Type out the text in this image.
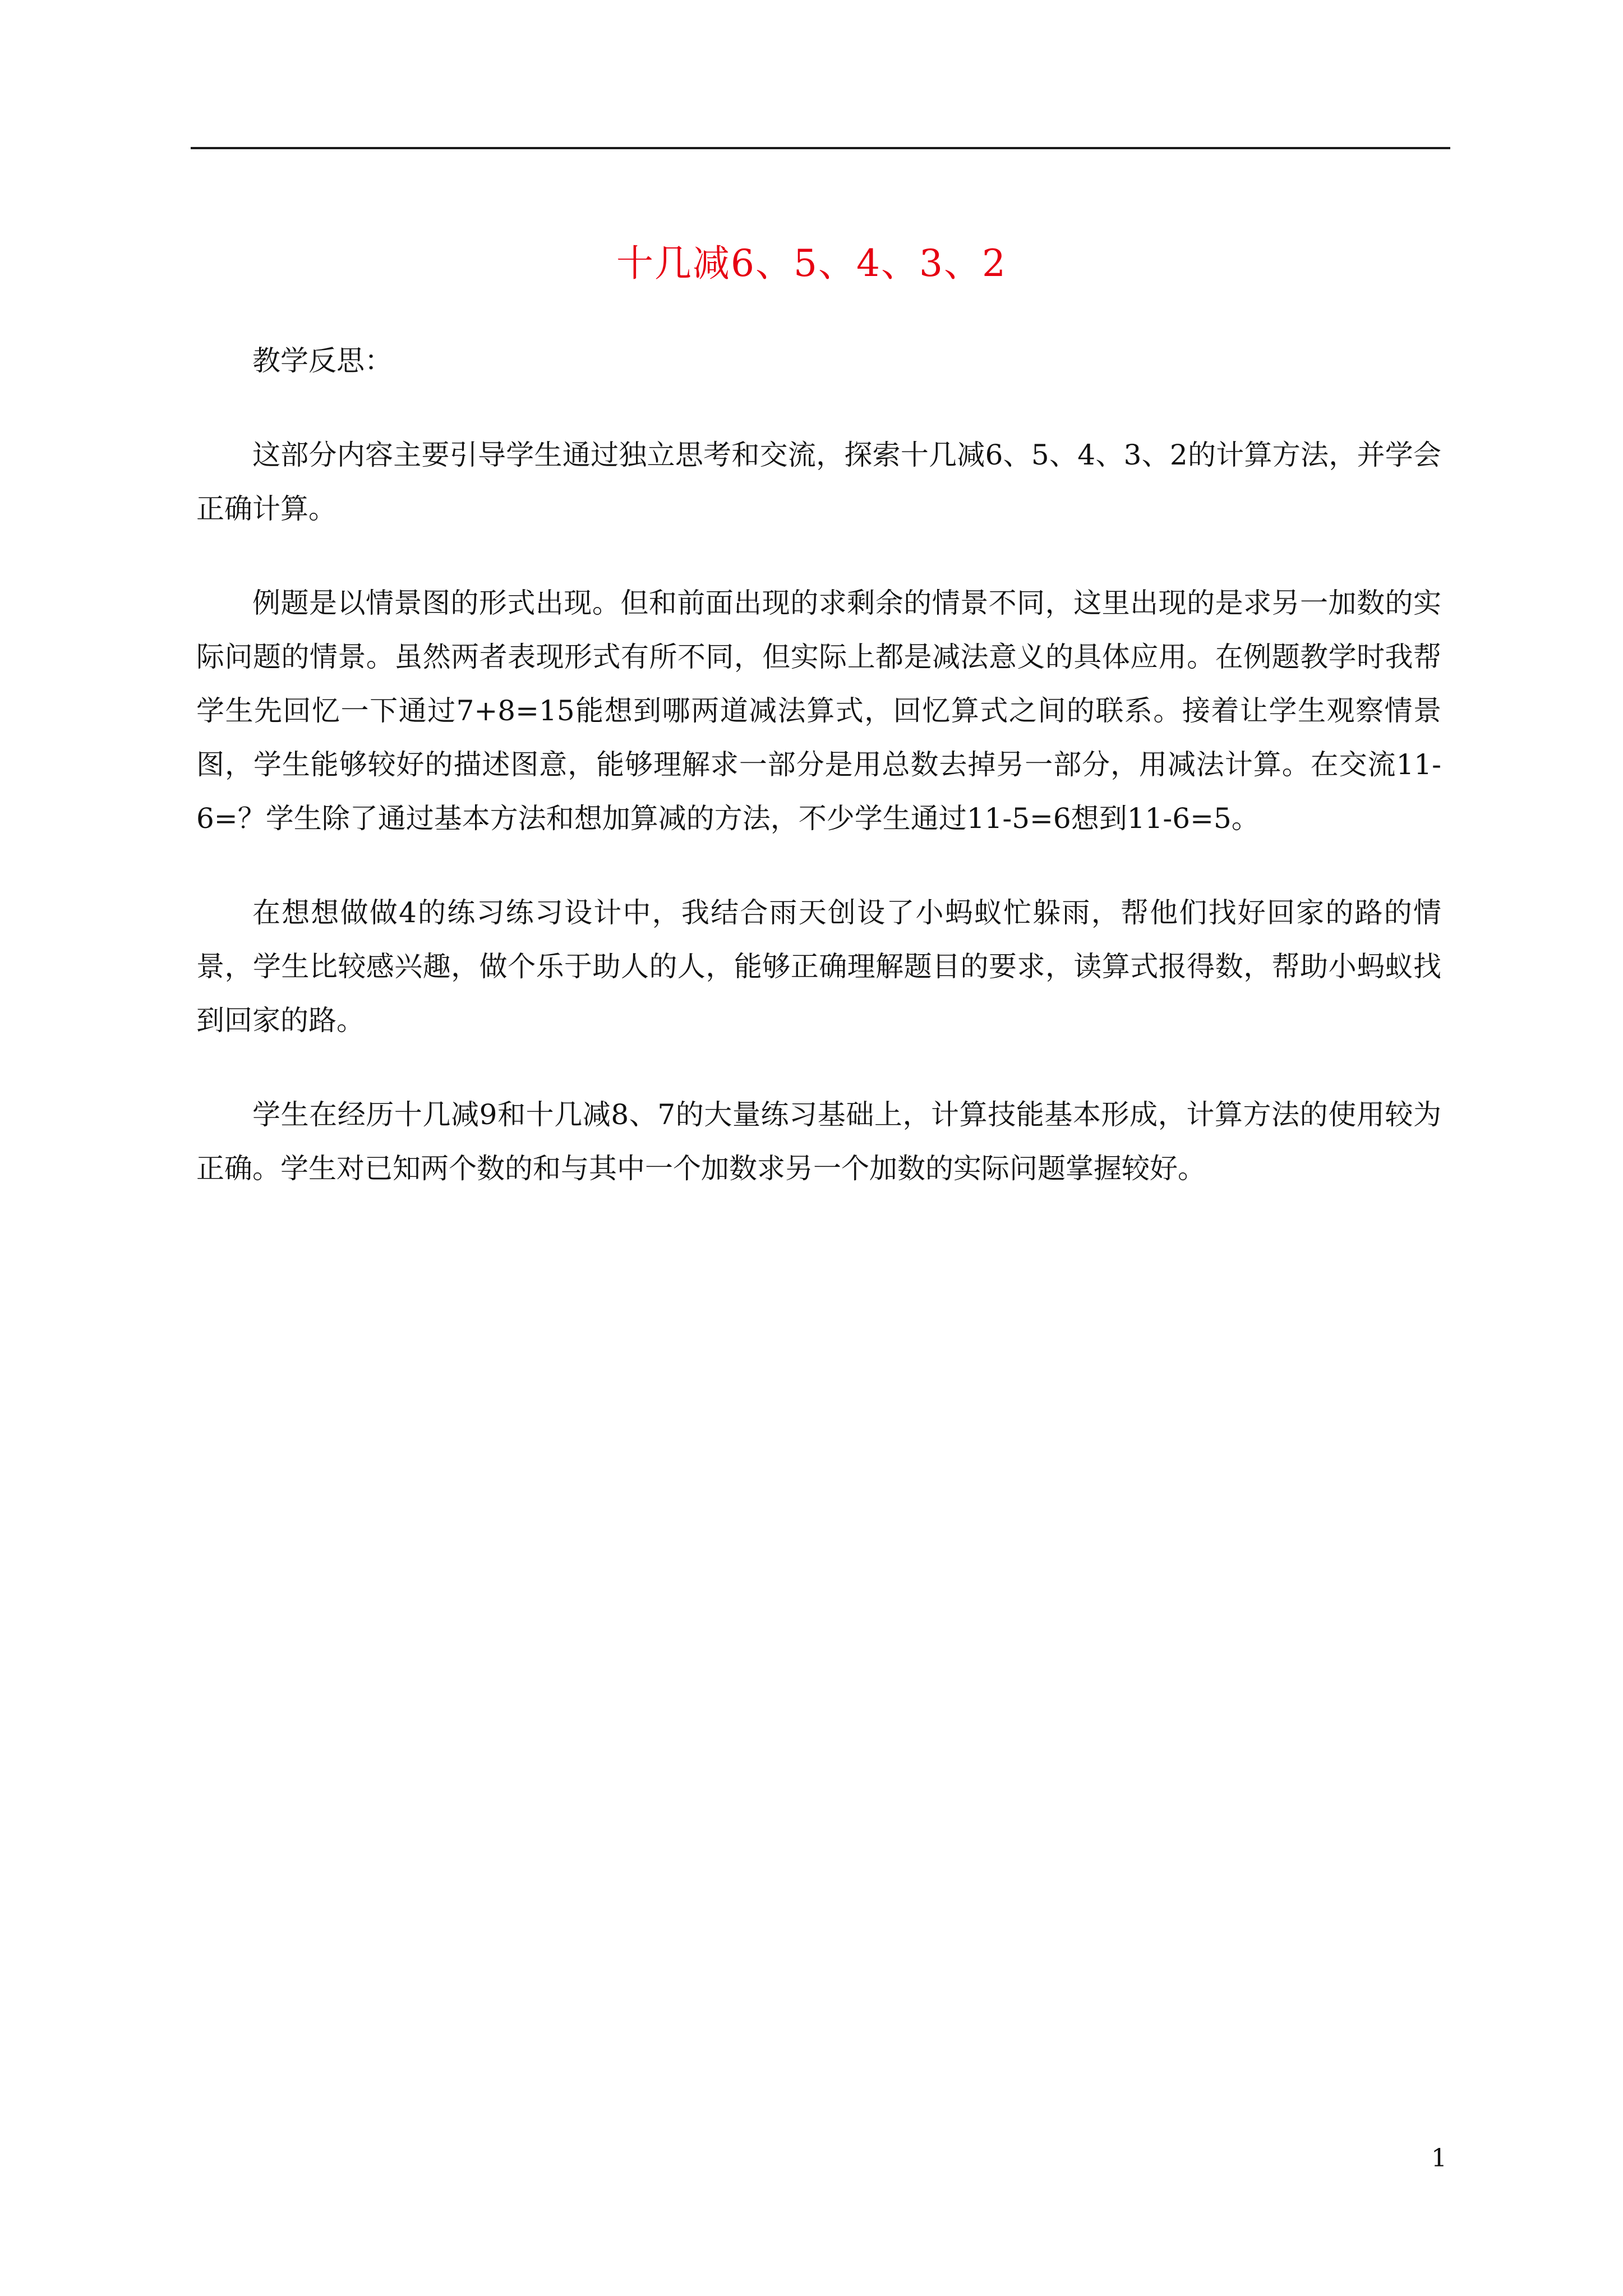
十几减6、5、4、3、2

教学反思：

这部分内容主要引导学生通过独立思考和交流，探索十几减6、5、4、3、2的计算方法，并学会正确计算。

例题是以情景图的形式出现。但和前面出现的求剩余的情景不同，这里出现的是求另一加数的实际问题的情景。虽然两者表现形式有所不同，但实际上都是减法意义的具体应用。在例题教学时我帮学生先回忆一下通过7+8=15能想到哪两道减法算式，回忆算式之间的联系。接着让学生观察情景图，学生能够较好的描述图意，能够理解求一部分是用总数去掉另一部分，用减法计算。在交流11-6=？学生除了通过基本方法和想加算减的方法，不少学生通过11-5=6想到11-6=5。

在想想做做4的练习练习设计中，我结合雨天创设了小蚂蚁忙躲雨，帮他们找好回家的路的情景，学生比较感兴趣，做个乐于助人的人，能够正确理解题目的要求，读算式报得数，帮助小蚂蚁找到回家的路。

学生在经历十几减9和十几减8、7的大量练习基础上，计算技能基本形成，计算方法的使用较为正确。学生对已知两个数的和与其中一个加数求另一个加数的实际问题掌握较好。

1
